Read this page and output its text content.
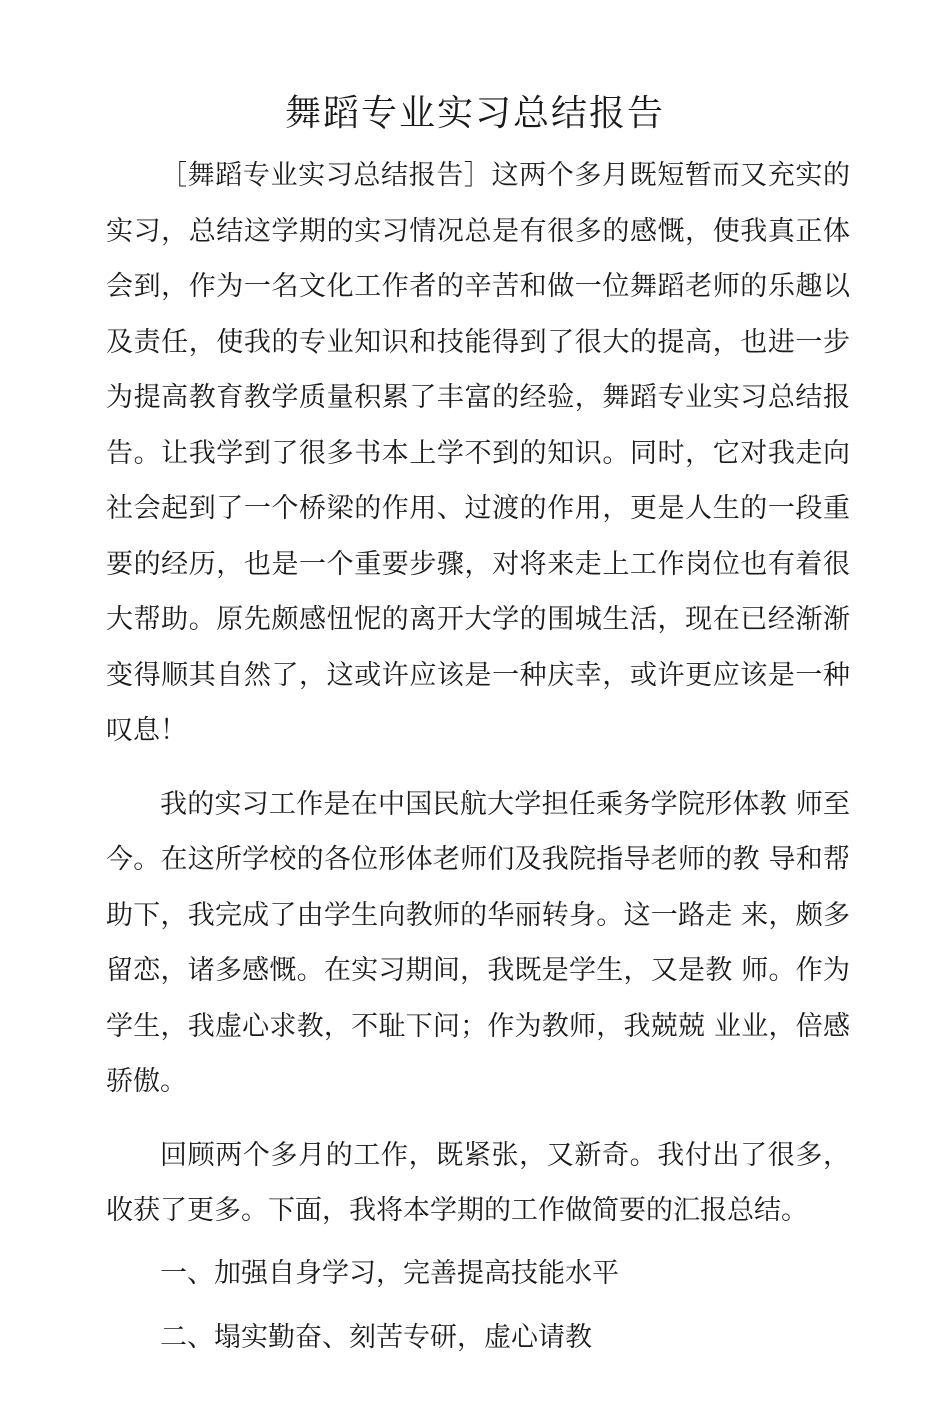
舞蹈专业实习总结报告

［舞蹈专业实习总结报告］这两个多月既短暂而又充实的实习，总结这学期的实习情况总是有很多的感慨，使我真正体会到，作为一名文化工作者的辛苦和做一位舞蹈老师的乐趣以及责任，使我的专业知识和技能得到了很大的提高，也进一步为提高教育教学质量积累了丰富的经验，舞蹈专业实习总结报告。让我学到了很多书本上学不到的知识。同时，它对我走向社会起到了一个桥梁的作用、过渡的作用，更是人生的一段重要的经历，也是一个重要步骤，对将来走上工作岗位也有着很大帮助。原先颇感忸怩的离开大学的围城生活，现在已经渐渐变得顺其自然了，这或许应该是一种庆幸，或许更应该是一种叹息！

我的实习工作是在中国民航大学担任乘务学院形体教 师至今。在这所学校的各位形体老师们及我院指导老师的教 导和帮助下，我完成了由学生向教师的华丽转身。这一路走 来，颇多留恋，诸多感慨。在实习期间，我既是学生，又是教 师。作为学生，我虚心求教，不耻下问；作为教师，我兢兢 业业，倍感骄傲。

回顾两个多月的工作，既紧张，又新奇。我付出了很多，收获了更多。下面，我将本学期的工作做简要的汇报总结。

一、加强自身学习，完善提高技能水平

二、塌实勤奋、刻苦专研，虚心请教
